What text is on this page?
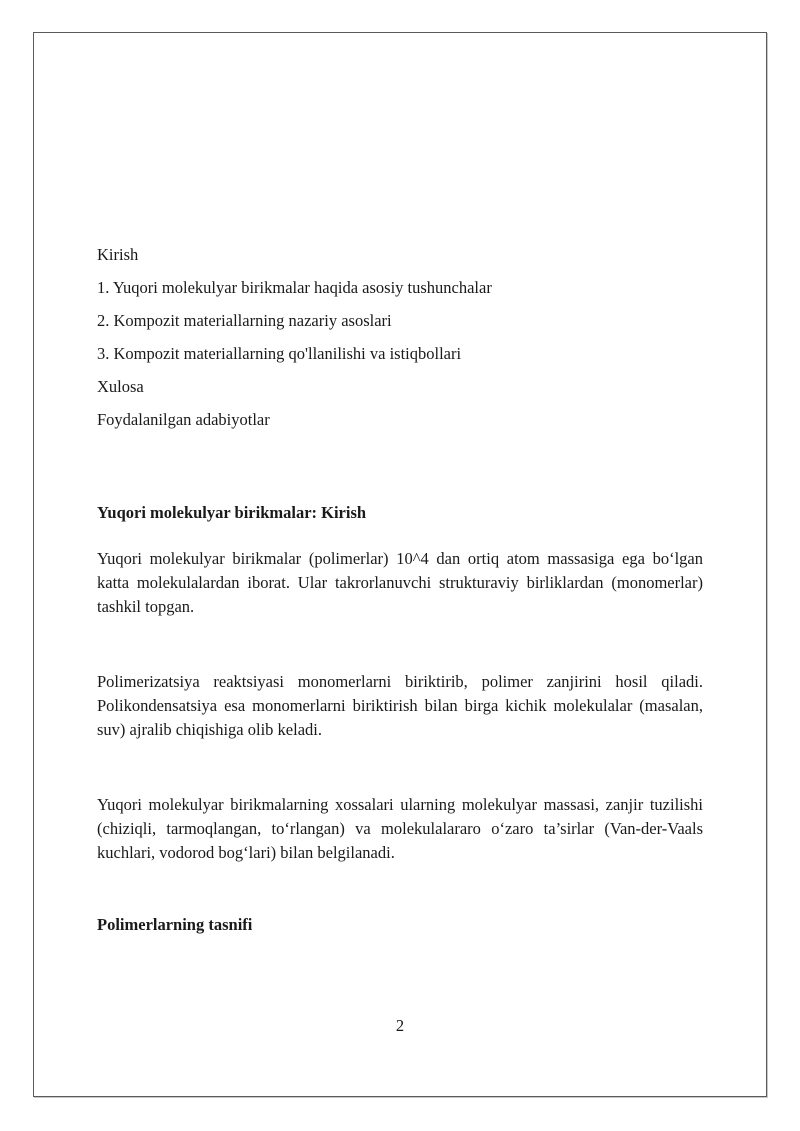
Kirish
1. Yuqori molekulyar birikmalar haqida asosiy tushunchalar
2. Kompozit materiallarning nazariy asoslari
3. Kompozit materiallarning qo'llanilishi va istiqbollari
Xulosa
Foydalanilgan adabiyotlar

Yuqori molekulyar birikmalar: Kirish

Yuqori molekulyar birikmalar (polimerlar) 10^4 dan ortiq atom massasiga ega bo‘lgan katta molekulalardan iborat. Ular takrorlanuvchi strukturaviy birliklardan (monomerlar) tashkil topgan.

Polimerizatsiya reaktsiyasi monomerlarni biriktirib, polimer zanjirini hosil qiladi. Polikondensatsiya esa monomerlarni biriktirish bilan birga kichik molekulalar (masalan, suv) ajralib chiqishiga olib keladi.

Yuqori molekulyar birikmalarning xossalari ularning molekulyar massasi, zanjir tuzilishi (chiziqli, tarmoqlangan, to‘rlangan) va molekulalararo o‘zaro ta’sirlar (Van-der-Vaals kuchlari, vodorod bog‘lari) bilan belgilanadi.

Polimerlarning tasnifi

2
